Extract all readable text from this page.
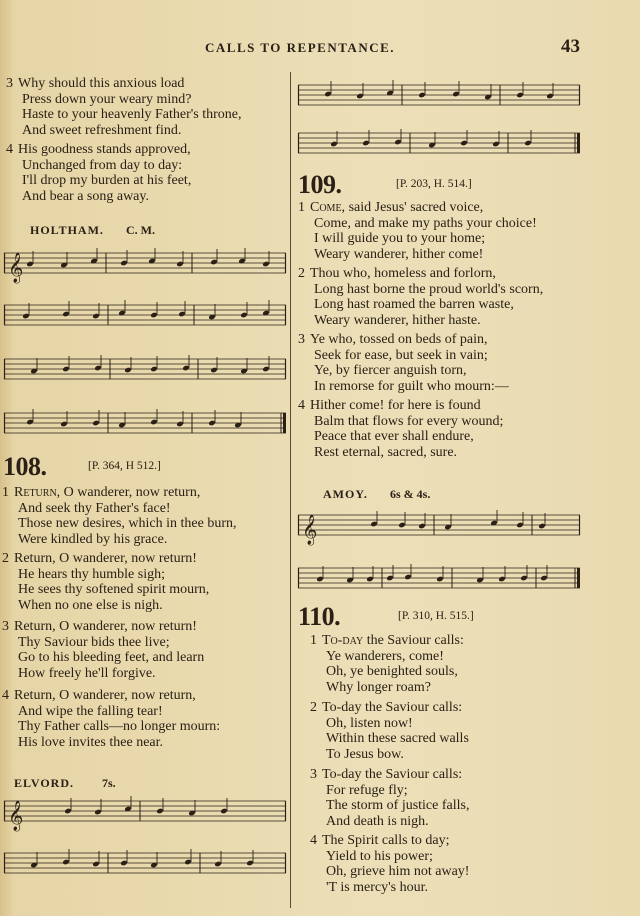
CALLS TO REPENTANCE.	43
3 Why should this anxious load
Press down your weary mind?
Haste to your heavenly Father's throne,
And sweet refreshment find.
4 His goodness stands approved,
Unchanged from day to day:
I'll drop my burden at his feet,
And bear a song away.
HOLTHAM. C. M.
𝄞
108.	[P. 364, H 512.]
1 Return, O wanderer, now return,
And seek thy Father's face!
Those new desires, which in thee burn,
Were kindled by his grace.
2 Return, O wanderer, now return!
He hears thy humble sigh;
He sees thy softened spirit mourn,
When no one else is nigh.
3 Return, O wanderer, now return!
Thy Saviour bids thee live;
Go to his bleeding feet, and learn
How freely he'll forgive.
4 Return, O wanderer, now return,
And wipe the falling tear!
Thy Father calls—no longer mourn:
His love invites thee near.
ELVORD. 7s.
𝄞
109.	[P. 203, H. 514.]
1 Come, said Jesus' sacred voice,
Come, and make my paths your choice!
I will guide you to your home;
Weary wanderer, hither come!
2 Thou who, homeless and forlorn,
Long hast borne the proud world's scorn,
Long hast roamed the barren waste,
Weary wanderer, hither haste.
3 Ye who, tossed on beds of pain,
Seek for ease, but seek in vain;
Ye, by fiercer anguish torn,
In remorse for guilt who mourn:—
4 Hither come! for here is found
Balm that flows for every wound;
Peace that ever shall endure,
Rest eternal, sacred, sure.
AMOY. 6s & 4s.
𝄞
110.	[P. 310, H. 515.]
1 To-day the Saviour calls:
Ye wanderers, come!
Oh, ye benighted souls,
Why longer roam?
2 To-day the Saviour calls:
Oh, listen now!
Within these sacred walls
To Jesus bow.
3 To-day the Saviour calls:
For refuge fly;
The storm of justice falls,
And death is nigh.
4 The Spirit calls to day;
Yield to his power;
Oh, grieve him not away!
'T is mercy's hour.
